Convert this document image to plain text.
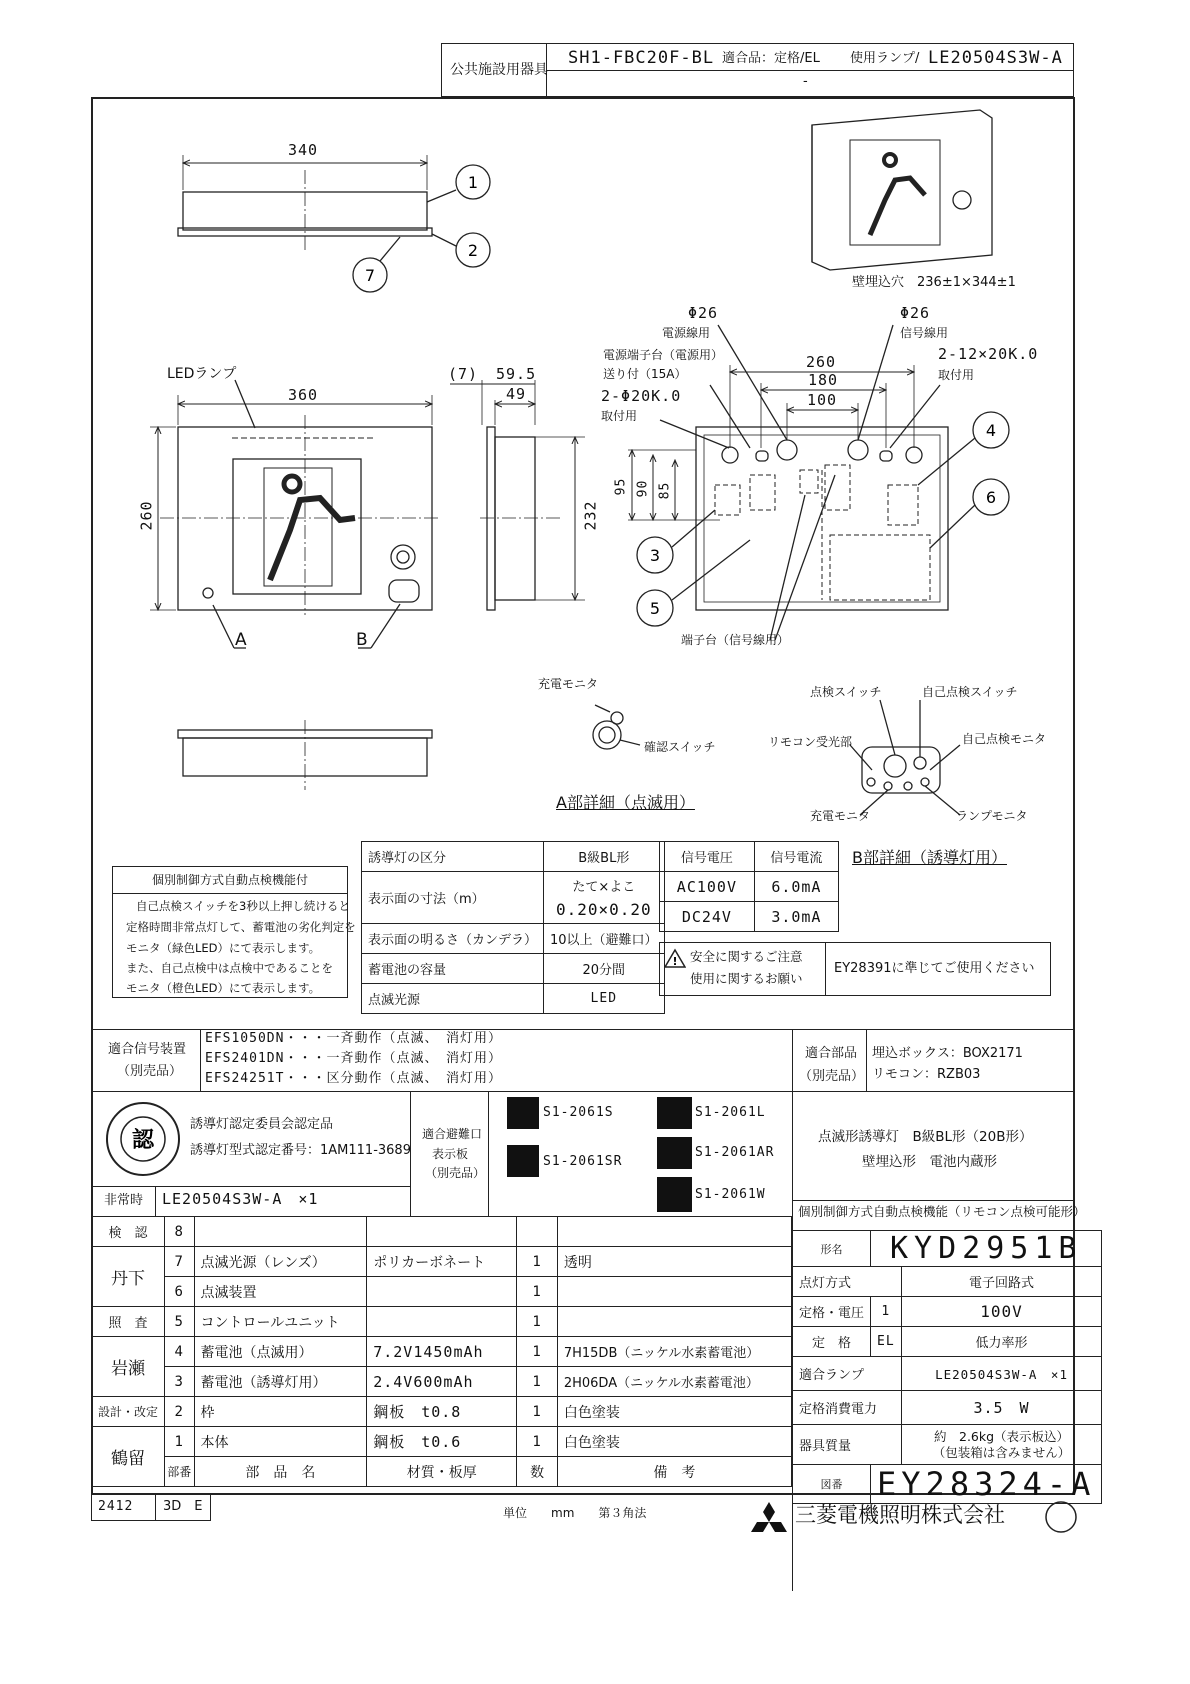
公共施設用器具
SH1-FBC20F-BL 適合品：定格/EL 使用ランプ/ LE20504S3W-A
-
1
2
7
4
6
3
5
340
360
260	232
(7) 59.5
49
260
180
100
95 90 85
Φ26
電源線用
Φ26
信号線用
電源端子台（電源用）
送り付（15A）
2-Φ20K.0
取付用
2-12×20K.0
取付用
LEDランプ
壁埋込穴　236±1×344±1
A	B	端子台（信号線用）
充電モニタ
確認スイッチ
A部詳細（点滅用）
点検スイッチ	自己点検スイッチ
リモコン受光部	自己点検モニタ
充電モニタ	ランプモニタ
B部詳細（誘導灯用）
個別制御方式自動点検機能付
自己点検スイッチを3秒以上押し続けると
定格時間非常点灯して、蓄電池の劣化判定を
モニタ（緑色LED）にて表示します。
また、自己点検中は点検中であることを
モニタ（橙色LED）にて表示します。
誘導灯の区分	B級BL形
表示面の寸法（m）	たて×よこ
0.20×0.20

表示面の明るさ（カンデラ）	10以上（避難口）
蓄電池の容量	20分間
点滅光源	LED
信号電圧	信号電流
AC100V	6.0mA
DC24V	3.0mA
! 安全に関するご注意
使用に関するお願い
EY28391に準じてご使用ください
適合信号装置
（別売品）
EFS1050DN・・・一斉動作（点滅、　消灯用）
EFS2401DN・・・一斉動作（点滅、　消灯用）
EFS24251T・・・区分動作（点滅、　消灯用）
適合部品
（別売品）
埋込ボックス：BOX2171
リモコン：RZB03
認
誘導灯認定委員会認定品
誘導灯型式認定番号：1AM111-3689
適合避難口
表示板
（別売品）
S1-2061S
S1-2061SR
S1-2061L
S1-2061AR
S1-2061W
点滅形誘導灯　B級BL形（20B形）
壁埋込形　電池内蔵形
非常時 LE20504S3W-A　×1
個別制御方式自動点検機能（リモコン点検可能形）
検　認	8				
丹下	7	点滅光源（レンズ）	ポリカーボネート	1	透明
	6	点滅装置		1	
照　査	5	コントロールユニット		1	
岩瀬	4	蓄電池（点滅用）	7.2V1450mAh	1	7H15DB（ニッケル水素蓄電池）
	3	蓄電池（誘導灯用）	2.4V600mAh	1	2H06DA（ニッケル水素蓄電池）
設計・改定	2	枠	鋼板　t0.8	1	白色塗装
鶴留	1	本体	鋼板　t0.6	1	白色塗装
	部番	部　品　名	材質・板厚	数	備　考
形名	KYD2951B	
点灯方式		電子回路式
定格・電圧	1	100V
定　格	EL	低力率形
適合ランプ		LE20504S3W-A　×1
定格消費電力		3.5　W
器具質量		約　2.6kg（表示板込）
（包装箱は含みません）

図番	EY28324-A	
2412 3D　E	単位　　mm　　第３角法	三菱電機照明株式会社
